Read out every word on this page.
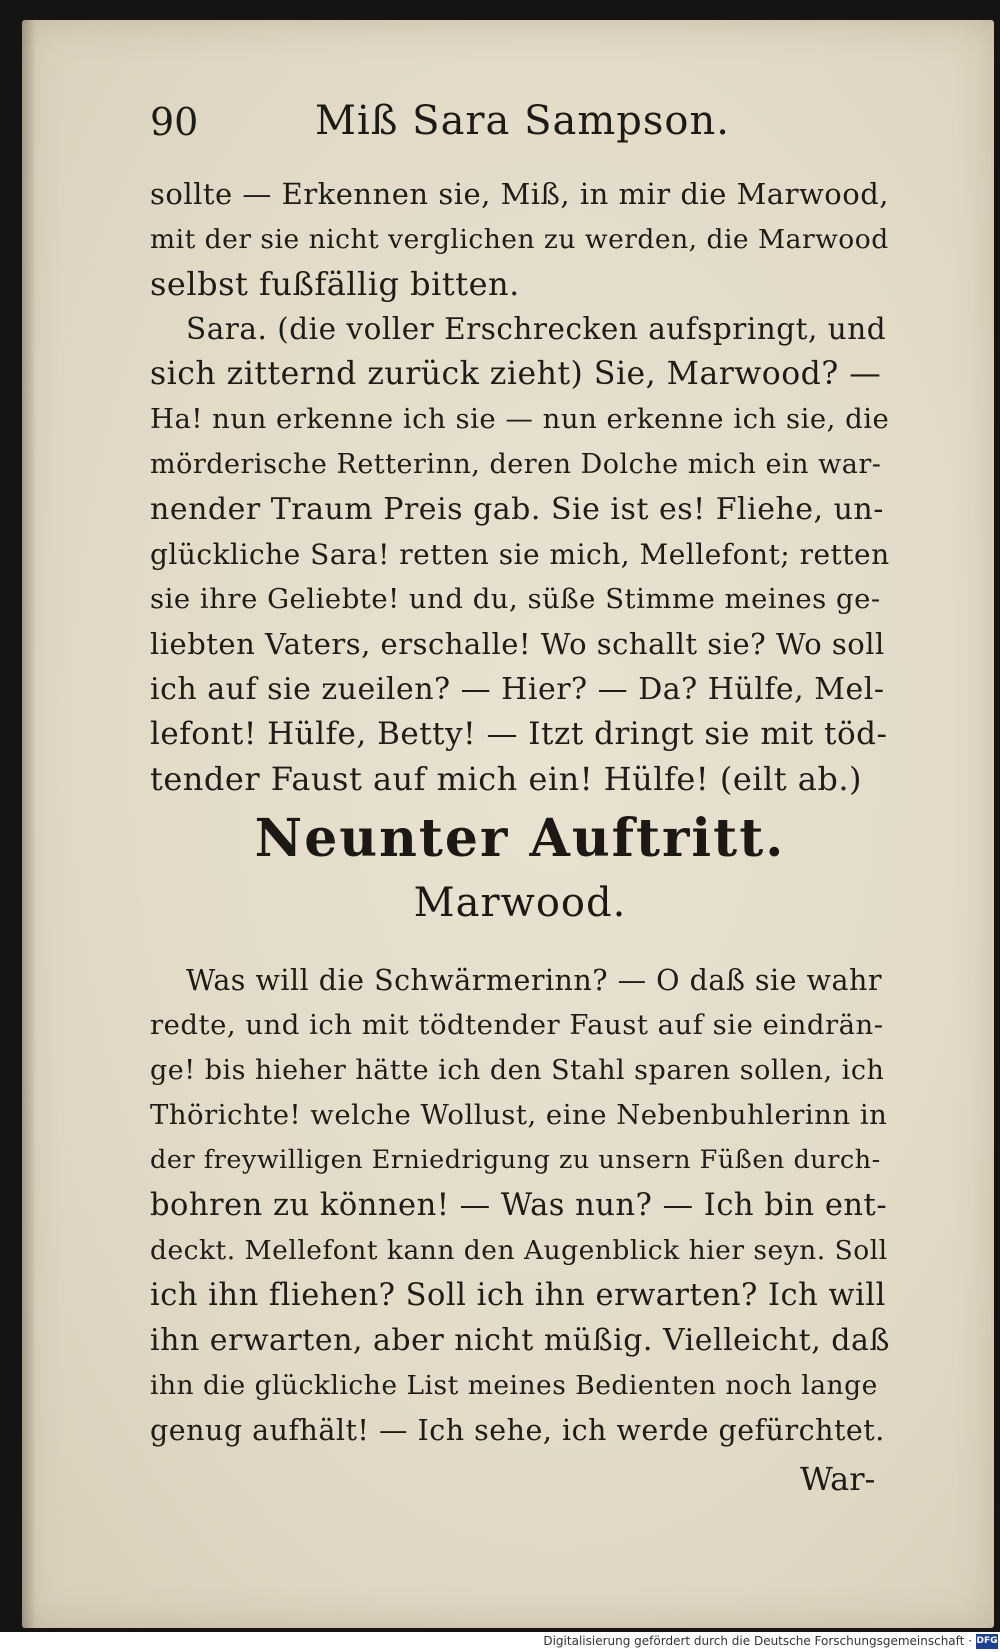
90	Miß Sara Sampson.

sollte — Erkennen sie, Miß, in mir die Marwood,
mit der sie nicht verglichen zu werden, die Marwood
selbst fußfällig bitten.

Sara. (die voller Erschrecken aufspringt, und
sich zitternd zurück zieht) Sie, Marwood? —
Ha! nun erkenne ich sie — nun erkenne ich sie, die
mörderische Retterinn, deren Dolche mich ein war-
nender Traum Preis gab. Sie ist es! Fliehe, un-
glückliche Sara! retten sie mich, Mellefont; retten
sie ihre Geliebte! und du, süße Stimme meines ge-
liebten Vaters, erschalle! Wo schallt sie? Wo soll
ich auf sie zueilen? — Hier? — Da? Hülfe, Mel-
lefont! Hülfe, Betty! — Itzt dringt sie mit töd-
tender Faust auf mich ein! Hülfe! (eilt ab.)

Neunter Auftritt.
Marwood.

Was will die Schwärmerinn? — O daß sie wahr
redte, und ich mit tödtender Faust auf sie eindrän-
ge! bis hieher hätte ich den Stahl sparen sollen, ich
Thörichte! welche Wollust, eine Nebenbuhlerinn in
der freywilligen Erniedrigung zu unsern Füßen durch-
bohren zu können! — Was nun? — Ich bin ent-
deckt. Mellefont kann den Augenblick hier seyn. Soll
ich ihn fliehen? Soll ich ihn erwarten? Ich will
ihn erwarten, aber nicht müßig. Vielleicht, daß
ihn die glückliche List meines Bedienten noch lange
genug aufhält! — Ich sehe, ich werde gefürchtet.

War-
Digitalisierung gefördert durch die Deutsche Forschungsgemeinschaft · DFG
